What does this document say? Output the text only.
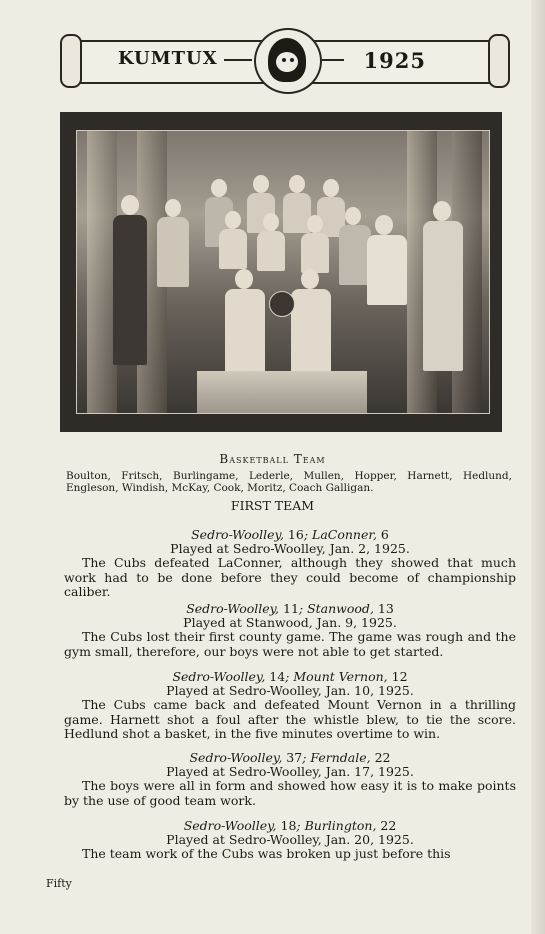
KUMTUX	1925
Basketball Team
Boulton, Fritsch, Burlingame, Lederle, Mullen, Hopper, Harnett, Hedlund, Engleson, Windish, McKay, Cook, Moritz, Coach Galligan.
FIRST TEAM
Sedro-Woolley, 16; LaConner, 6
Played at Sedro-Woolley, Jan. 2, 1925.
The Cubs defeated LaConner, although they showed that much work had to be done before they could become of championship caliber.
Sedro-Woolley, 11; Stanwood, 13
Played at Stanwood, Jan. 9, 1925.
The Cubs lost their first county game. The game was rough and the gym small, therefore, our boys were not able to get started.
Sedro-Woolley, 14; Mount Vernon, 12
Played at Sedro-Woolley, Jan. 10, 1925.
The Cubs came back and defeated Mount Vernon in a thrilling game. Harnett shot a foul after the whistle blew, to tie the score. Hedlund shot a basket, in the five minutes overtime to win.
Sedro-Woolley, 37; Ferndale, 22
Played at Sedro-Woolley, Jan. 17, 1925.
The boys were all in form and showed how easy it is to make points by the use of good team work.
Sedro-Woolley, 18; Burlington, 22
Played at Sedro-Woolley, Jan. 20, 1925.
The team work of the Cubs was broken up just before this
Fifty
